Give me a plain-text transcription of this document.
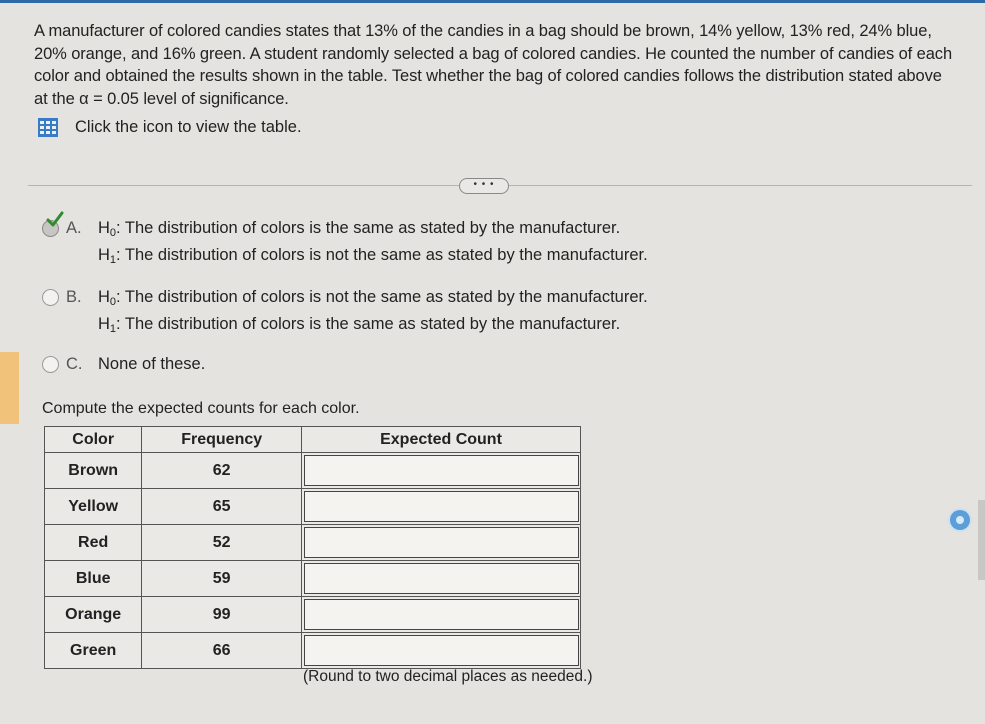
A manufacturer of colored candies states that 13% of the candies in a bag should be brown, 14% yellow, 13% red, 24% blue, 20% orange, and 16% green. A student randomly selected a bag of colored candies. He counted the number of candies of each color and obtained the results shown in the table. Test whether the bag of colored candies follows the distribution stated above at the α = 0.05 level of significance.
Click the icon to view the table.
• • •
A. H0: The distribution of colors is the same as stated by the manufacturer.
H1: The distribution of colors is not the same as stated by the manufacturer.
B. H0: The distribution of colors is not the same as stated by the manufacturer.
H1: The distribution of colors is the same as stated by the manufacturer.
C. None of these.
Compute the expected counts for each color.
Color	Frequency	Expected Count
Brown	62	

Yellow	65	

Red	52	

Blue	59	

Orange	99	

Green	66	
(Round to two decimal places as needed.)
